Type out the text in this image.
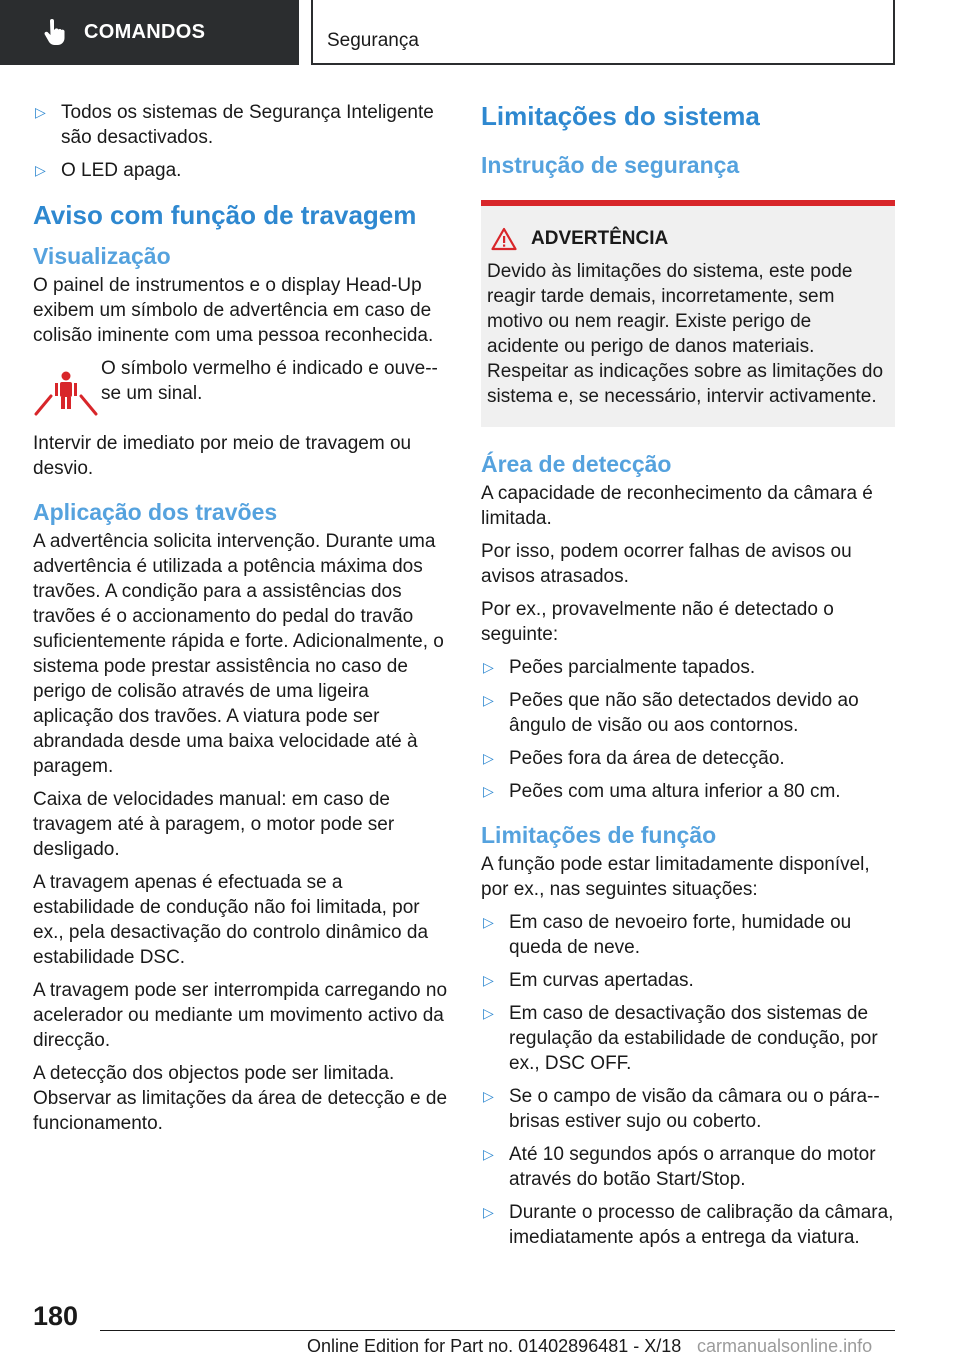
COMANDOS	Segurança
▷ Todos os sistemas de Segurança Inteligente são desactivados.
▷ O LED apaga.
Aviso com função de travagem
Visualização

O painel de instrumentos e o display Head-Up exibem um símbolo de advertência em caso de colisão iminente com uma pessoa reconhecida.

O símbolo vermelho é indicado e ouve--se um sinal.

Intervir de imediato por meio de travagem ou desvio.

Aplicação dos travões

A advertência solicita intervenção. Durante uma advertência é utilizada a potência máxima dos travões. A condição para a assistências dos travões é o accionamento do pedal do travão suficientemente rápida e forte. Adicionalmente, o sistema pode prestar assistência no caso de perigo de colisão através de uma ligeira aplicação dos travões. A viatura pode ser abrandada desde uma baixa velocidade até à paragem.

Caixa de velocidades manual: em caso de travagem até à paragem, o motor pode ser desligado.

A travagem apenas é efectuada se a estabilidade de condução não foi limitada, por ex., pela desactivação do controlo dinâmico da estabilidade DSC.

A travagem pode ser interrompida carregando no acelerador ou mediante um movimento activo da direcção.

A detecção dos objectos pode ser limitada. Observar as limitações da área de detecção e de funcionamento.

Limitações do sistema
Instrução de segurança
ADVERTÊNCIA
Devido às limitações do sistema, este pode reagir tarde demais, incorretamente, sem motivo ou nem reagir. Existe perigo de acidente ou perigo de danos materiais. Respeitar as indicações sobre as limitações do sistema e, se necessário, intervir activamente.
Área de detecção

A capacidade de reconhecimento da câmara é limitada.

Por isso, podem ocorrer falhas de avisos ou avisos atrasados.

Por ex., provavelmente não é detectado o seguinte:

▷ Peões parcialmente tapados.
▷ Peões que não são detectados devido ao ângulo de visão ou aos contornos.
▷ Peões fora da área de detecção.
▷ Peões com uma altura inferior a 80 cm.
Limitações de função

A função pode estar limitadamente disponível, por ex., nas seguintes situações:

▷ Em caso de nevoeiro forte, humidade ou queda de neve.
▷ Em curvas apertadas.
▷ Em caso de desactivação dos sistemas de regulação da estabilidade de condução, por ex., DSC OFF.
▷ Se o campo de visão da câmara ou o pára--brisas estiver sujo ou coberto.
▷ Até 10 segundos após o arranque do motor através do botão Start/Stop.
▷ Durante o processo de calibração da câmara, imediatamente após a entrega da viatura.
180
Online Edition for Part no. 01402896481 - X/18 carmanualsonline.info
